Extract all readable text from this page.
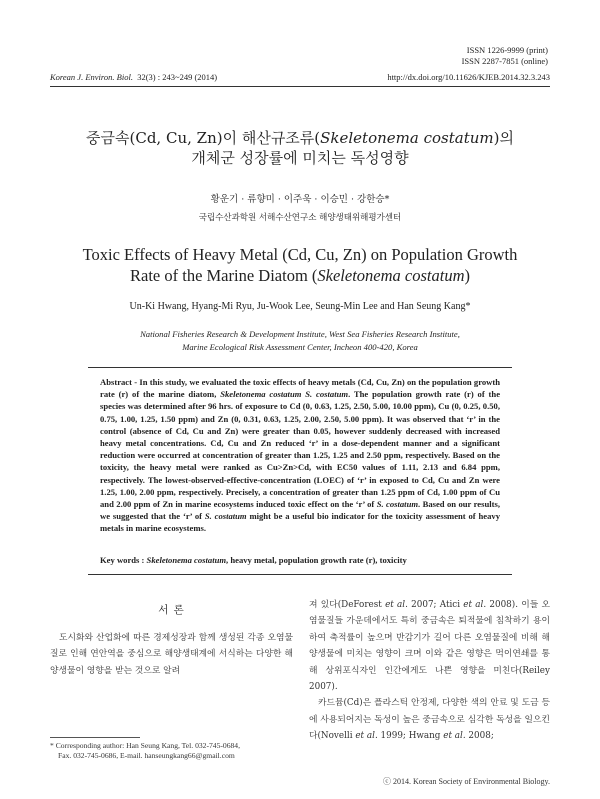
ISSN 1226-9999 (print)
ISSN 2287-7851 (online)
Korean J. Environ. Biol. 32(3) : 243~249 (2014)	http://dx.doi.org/10.11626/KJEB.2014.32.3.243
중금속(Cd, Cu, Zn)이 해산규조류(Skeletonema costatum)의
개체군 성장률에 미치는 독성영향
황운기 · 류향미 · 이주욱 · 이승민 · 강한승*
국립수산과학원 서해수산연구소 해양생태위해평가센터
Toxic Effects of Heavy Metal (Cd, Cu, Zn) on Population Growth
Rate of the Marine Diatom (Skeletonema costatum)
Un-Ki Hwang, Hyang-Mi Ryu, Ju-Wook Lee, Seung-Min Lee and Han Seung Kang*
National Fisheries Research & Development Institute, West Sea Fisheries Research Institute,
Marine Ecological Risk Assessment Center, Incheon 400-420, Korea
Abstract - In this study, we evaluated the toxic effects of heavy metals (Cd, Cu, Zn) on the population growth rate (r) of the marine diatom, Skeletonema costatum S. costatum. The population growth rate (r) of the species was determined after 96 hrs. of exposure to Cd (0, 0.63, 1.25, 2.50, 5.00, 10.00 ppm), Cu (0, 0.25, 0.50, 0.75, 1.00, 1.25, 1.50 ppm) and Zn (0, 0.31, 0.63, 1.25, 2.00, 2.50, 5.00 ppm). It was observed that ‘r’ in the control (absence of Cd, Cu and Zn) were greater than 0.05, however suddenly decreased with increased heavy metal concentrations. Cd, Cu and Zn reduced ‘r’ in a dose-dependent manner and a significant reduction were occurred at concentration of greater than 1.25, 1.25 and 2.50 ppm, respectively. Based on the toxicity, the heavy metal were ranked as Cu>Zn>Cd, with EC50 values of 1.11, 2.13 and 6.84 ppm, respectively. The lowest-observed-effective-concentration (LOEC) of ‘r’ in exposed to Cd, Cu and Zn were 1.25, 1.00, 2.00 ppm, respectively. Precisely, a concentration of greater than 1.25 ppm of Cd, 1.00 ppm of Cu and 2.00 ppm of Zn in marine ecosystems induced toxic effect on the ‘r’ of S. costatum. Based on our results, we suggested that the ‘r’ of S. costatum might be a useful bio indicator for the toxicity assessment of heavy metals in marine ecosystems.
Key words : Skeletonema costatum, heavy metal, population growth rate (r), toxicity
서 론
도시화와 산업화에 따른 경제성장과 함께 생성된 각종 오염물질로 인해 연안역을 중심으로 해양생태계에 서식하는 다양한 해양생물이 영향을 받는 것으로 알려
져 있다(DeForest et al. 2007; Atici et al. 2008). 이들 오염물질들 가운데에서도 특히 중금속은 퇴적물에 침착하기 용이하여 축적률이 높으며 반감기가 길어 다른 오염물질에 비해 해양생물에 미치는 영향이 크며 이와 같은 영향은 먹이연쇄를 통해 상위포식자인 인간에게도 나쁜 영향을 미친다(Reiley 2007).
카드뮴(Cd)은 플라스틱 안정제, 다양한 색의 안료 및 도금 등에 사용되어지는 독성이 높은 중금속으로 심각한 독성을 일으킨다(Novelli et al. 1999; Hwang et al. 2008;
* Corresponding author: Han Seung Kang, Tel. 032-745-0684,
Fax. 032-745-0686, E-mail. hanseungkang66@gmail.com
ⓒ 2014. Korean Society of Environmental Biology.
